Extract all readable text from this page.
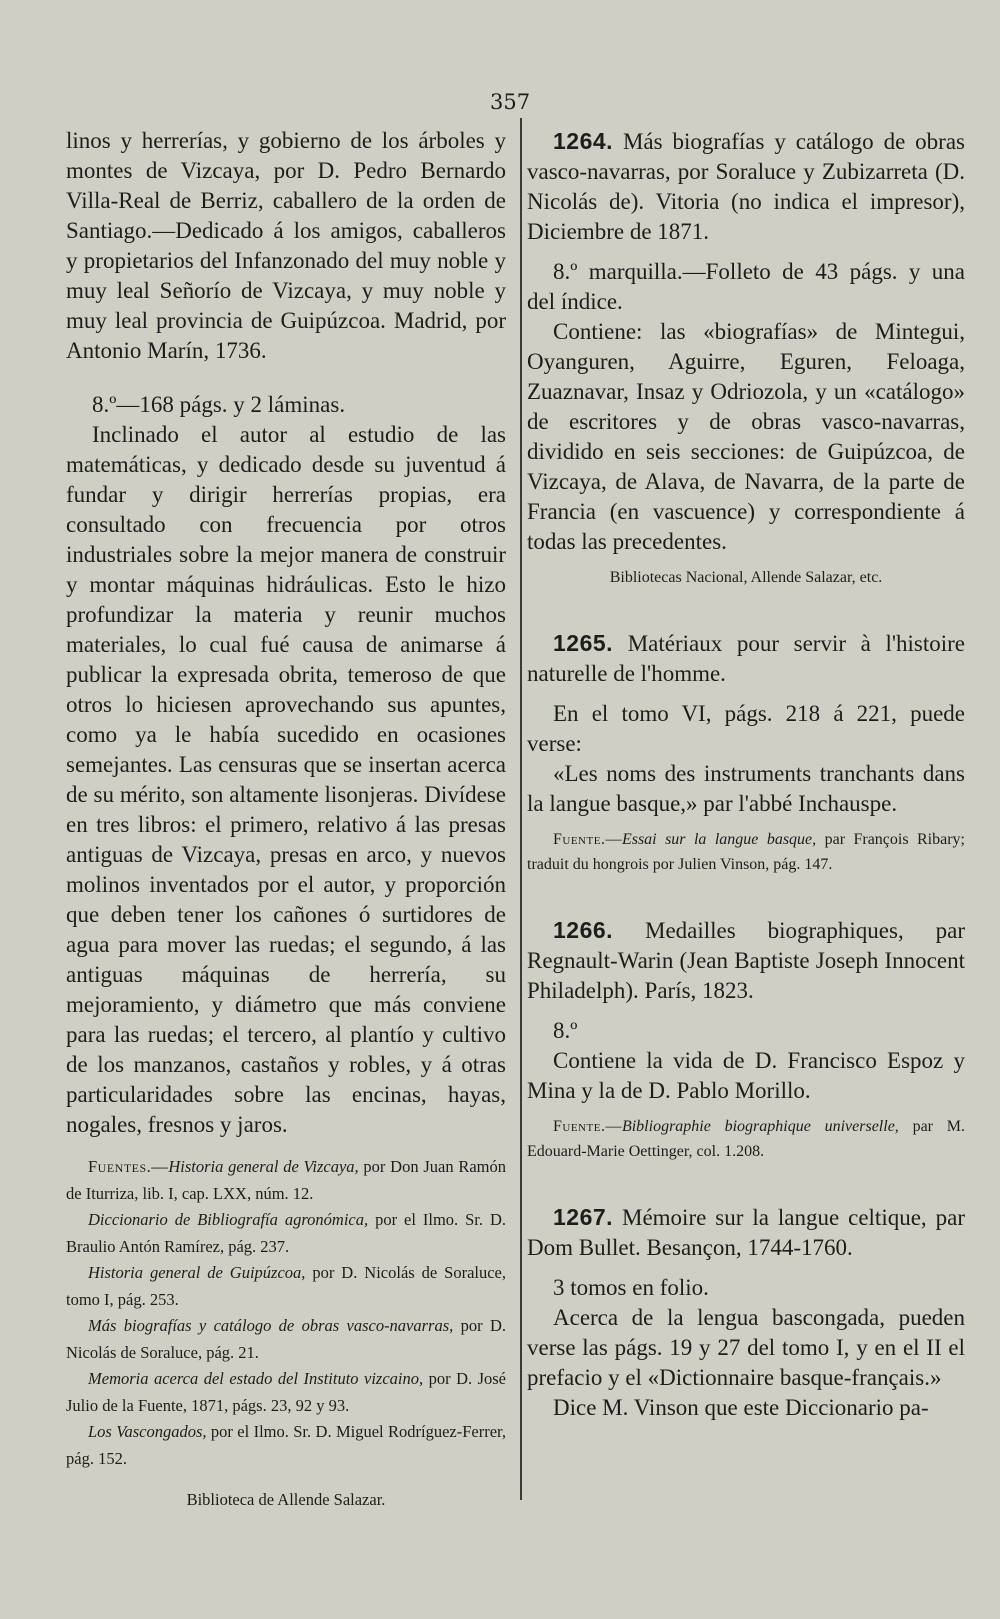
357

linos y herrerías, y gobierno de los árboles y montes de Vizcaya, por D. Pedro Bernardo Villa-Real de Berriz, caballero de la orden de Santiago.—Dedicado á los amigos, caballeros y propietarios del Infanzonado del muy noble y muy leal Señorío de Vizcaya, y muy noble y muy leal provincia de Guipúzcoa. Madrid, por Antonio Marín, 1736.

8.º—168 págs. y 2 láminas.

Inclinado el autor al estudio de las matemáticas, y dedicado desde su juventud á fundar y dirigir herrerías propias, era consultado con frecuencia por otros industriales sobre la mejor manera de construir y montar máquinas hidráulicas. Esto le hizo profundizar la materia y reunir muchos materiales, lo cual fué causa de animarse á publicar la expresada obrita, temeroso de que otros lo hiciesen aprovechando sus apuntes, como ya le había sucedido en ocasiones semejantes. Las censuras que se insertan acerca de su mérito, son altamente lisonjeras. Divídese en tres libros: el primero, relativo á las presas antiguas de Vizcaya, presas en arco, y nuevos molinos inventados por el autor, y proporción que deben tener los cañones ó surtidores de agua para mover las ruedas; el segundo, á las antiguas máquinas de herrería, su mejoramiento, y diámetro que más conviene para las ruedas; el tercero, al plantío y cultivo de los manzanos, castaños y robles, y á otras particularidades sobre las encinas, hayas, nogales, fresnos y jaros.

Fuentes.—Historia general de Vizcaya, por Don Juan Ramón de Iturriza, lib. I, cap. LXX, núm. 12.

Diccionario de Bibliografía agronómica, por el Ilmo. Sr. D. Braulio Antón Ramírez, pág. 237.

Historia general de Guipúzcoa, por D. Nicolás de Soraluce, tomo I, pág. 253.

Más biografías y catálogo de obras vasco-navarras, por D. Nicolás de Soraluce, pág. 21.

Memoria acerca del estado del Instituto vizcaino, por D. José Julio de la Fuente, 1871, págs. 23, 92 y 93.

Los Vascongados, por el Ilmo. Sr. D. Miguel Rodríguez-Ferrer, pág. 152.

Biblioteca de Allende Salazar.

1264. Más biografías y catálogo de obras vasco-navarras, por Soraluce y Zubizarreta (D. Nicolás de). Vitoria (no indica el impresor), Diciembre de 1871.

8.º marquilla.—Folleto de 43 págs. y una del índice.

Contiene: las «biografías» de Mintegui, Oyanguren, Aguirre, Eguren, Feloaga, Zuaznavar, Insaz y Odriozola, y un «catálogo» de escritores y de obras vasco-navarras, dividido en seis secciones: de Guipúzcoa, de Vizcaya, de Alava, de Navarra, de la parte de Francia (en vascuence) y correspondiente á todas las precedentes.

Bibliotecas Nacional, Allende Salazar, etc.

1265. Matériaux pour servir à l'histoire naturelle de l'homme.

En el tomo VI, págs. 218 á 221, puede verse:

«Les noms des instruments tranchants dans la langue basque,» par l'abbé Inchauspe.

Fuente.—Essai sur la langue basque, par François Ribary; traduit du hongrois por Julien Vinson, pág. 147.

1266. Medailles biographiques, par Regnault-Warin (Jean Baptiste Joseph Innocent Philadelph). París, 1823.

8.º

Contiene la vida de D. Francisco Espoz y Mina y la de D. Pablo Morillo.

Fuente.—Bibliographie biographique universelle, par M. Edouard-Marie Oettinger, col. 1.208.

1267. Mémoire sur la langue celtique, par Dom Bullet. Besançon, 1744-1760.

3 tomos en folio.

Acerca de la lengua bascongada, pueden verse las págs. 19 y 27 del tomo I, y en el II el prefacio y el «Dictionnaire basque-français.»

Dice M. Vinson que este Diccionario pa-
